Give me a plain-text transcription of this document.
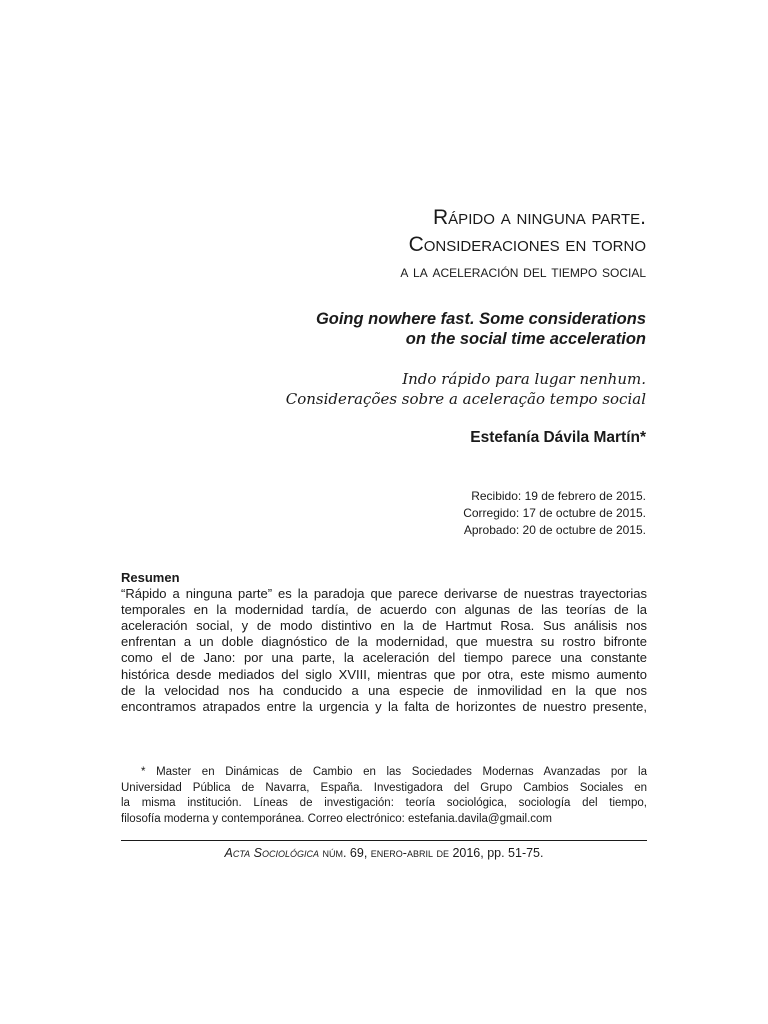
Rápido a ninguna parte.
Consideraciones en torno
a la aceleración del tiempo social
Going nowhere fast. Some considerations
on the social time acceleration
Indo rápido para lugar nenhum.
Considerações sobre a aceleração tempo social
Estefanía Dávila Martín*
Recibido: 19 de febrero de 2015.
Corregido: 17 de octubre de 2015.
Aprobado: 20 de octubre de 2015.
Resumen
“Rápido a ninguna parte” es la paradoja que parece derivarse de nuestras trayectorias
temporales en la modernidad tardía, de acuerdo con algunas de las teorías de la
aceleración social, y de modo distintivo en la de Hartmut Rosa. Sus análisis nos
enfrentan a un doble diagnóstico de la modernidad, que muestra su rostro bifronte
como el de Jano: por una parte, la aceleración del tiempo parece una constante
histórica desde mediados del siglo XVIII, mientras que por otra, este mismo aumento
de la velocidad nos ha conducido a una especie de inmovilidad en la que nos
encontramos atrapados entre la urgencia y la falta de horizontes de nuestro presente,
* Master en Dinámicas de Cambio en las Sociedades Modernas Avanzadas por la
Universidad Pública de Navarra, España. Investigadora del Grupo Cambios Sociales en
la misma institución. Líneas de investigación: teoría sociológica, sociología del tiempo,
filosofía moderna y contemporánea. Correo electrónico: estefania.davila@gmail.com
Acta Sociológica núm. 69, enero-abril de 2016, pp. 51-75.
